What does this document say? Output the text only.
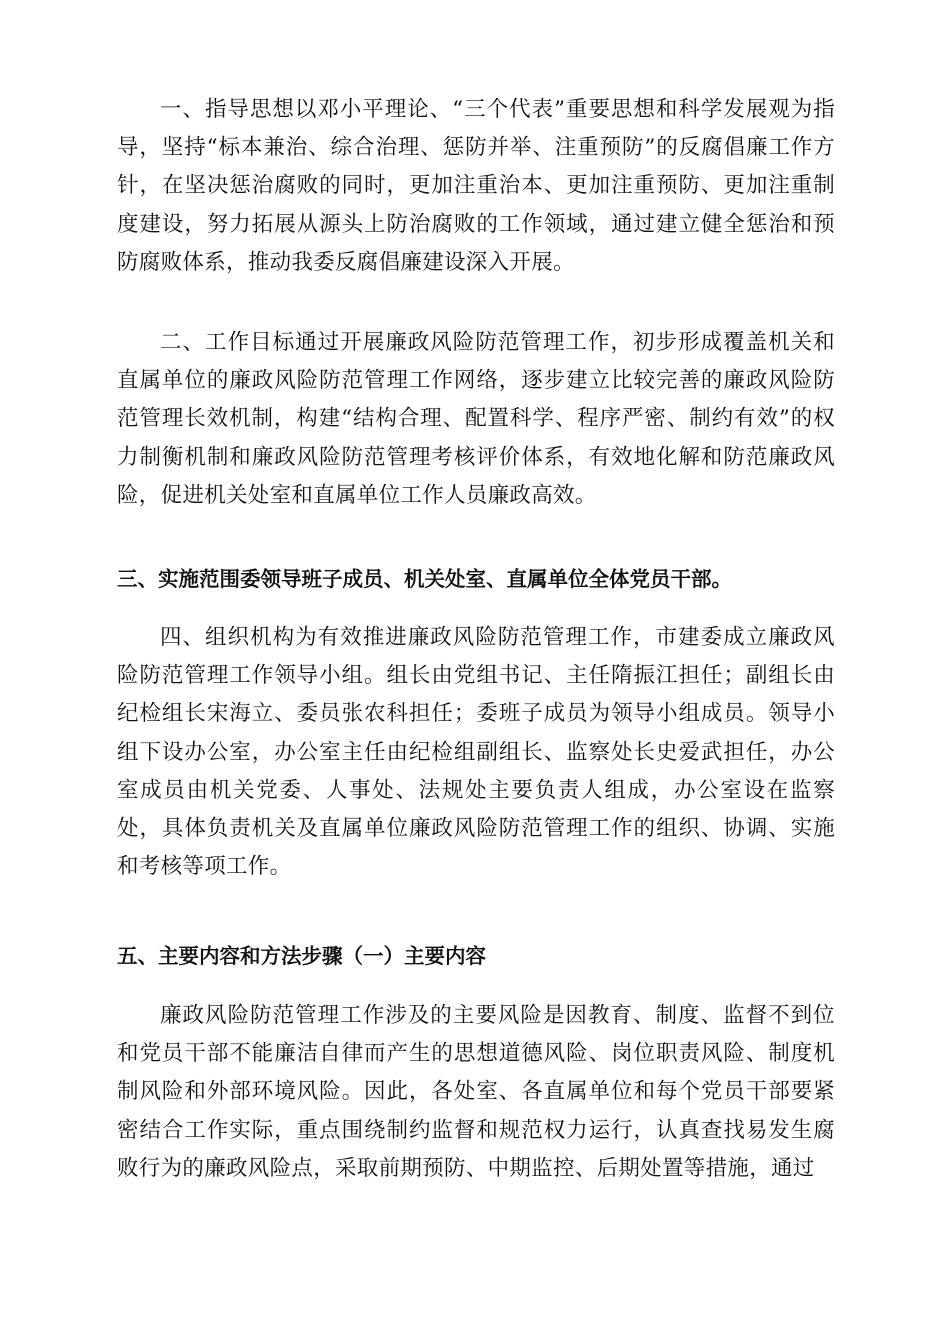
一、指导思想以邓小平理论、“三个代表”重要思想和科学发展观为指导，坚持“标本兼治、综合治理、惩防并举、注重预防”的反腐倡廉工作方针，在坚决惩治腐败的同时，更加注重治本、更加注重预防、更加注重制度建设，努力拓展从源头上防治腐败的工作领域，通过建立健全惩治和预防腐败体系，推动我委反腐倡廉建设深入开展。

二、工作目标通过开展廉政风险防范管理工作，初步形成覆盖机关和直属单位的廉政风险防范管理工作网络，逐步建立比较完善的廉政风险防范管理长效机制，构建“结构合理、配置科学、程序严密、制约有效”的权力制衡机制和廉政风险防范管理考核评价体系，有效地化解和防范廉政风险，促进机关处室和直属单位工作人员廉政高效。

三、实施范围委领导班子成员、机关处室、直属单位全体党员干部。

四、组织机构为有效推进廉政风险防范管理工作，市建委成立廉政风险防范管理工作领导小组。组长由党组书记、主任隋振江担任；副组长由纪检组长宋海立、委员张农科担任；委班子成员为领导小组成员。领导小组下设办公室，办公室主任由纪检组副组长、监察处长史爱武担任，办公室成员由机关党委、人事处、法规处主要负责人组成，办公室设在监察处，具体负责机关及直属单位廉政风险防范管理工作的组织、协调、实施和考核等项工作。

五、主要内容和方法步骤（一）主要内容

廉政风险防范管理工作涉及的主要风险是因教育、制度、监督不到位和党员干部不能廉洁自律而产生的思想道德风险、岗位职责风险、制度机制风险和外部环境风险。因此，各处室、各直属单位和每个党员干部要紧密结合工作实际，重点围绕制约监督和规范权力运行，认真查找易发生腐败行为的廉政风险点，采取前期预防、中期监控、后期处置等措施，通过
